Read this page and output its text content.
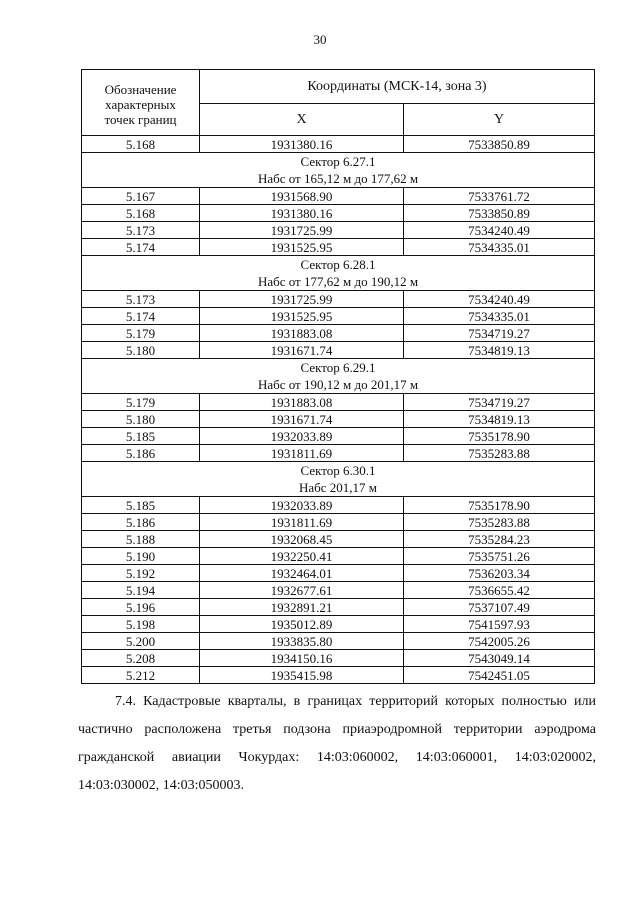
30
Обозначение
характерных
точек границ	Координаты (МСК-14, зона 3)	
	X	Y
5.168	1931380.16	7533850.89
Сектор 6.27.1
Набс от 165,12 м до 177,62 м		
5.167	1931568.90	7533761.72
5.168	1931380.16	7533850.89
5.173	1931725.99	7534240.49
5.174	1931525.95	7534335.01
Сектор 6.28.1
Набс от 177,62 м до 190,12 м		
5.173	1931725.99	7534240.49
5.174	1931525.95	7534335.01
5.179	1931883.08	7534719.27
5.180	1931671.74	7534819.13
Сектор 6.29.1
Набс от 190,12 м до 201,17 м		
5.179	1931883.08	7534719.27
5.180	1931671.74	7534819.13
5.185	1932033.89	7535178.90
5.186	1931811.69	7535283.88
Сектор 6.30.1
Набс 201,17 м		
5.185	1932033.89	7535178.90
5.186	1931811.69	7535283.88
5.188	1932068.45	7535284.23
5.190	1932250.41	7535751.26
5.192	1932464.01	7536203.34
5.194	1932677.61	7536655.42
5.196	1932891.21	7537107.49
5.198	1935012.89	7541597.93
5.200	1933835.80	7542005.26
5.208	1934150.16	7543049.14
5.212	1935415.98	7542451.05
7.4. Кадастровые кварталы, в границах территорий которых полностью или
частично расположена третья подзона приаэродромной территории аэродрома
гражданской авиации Чокурдах: 14:03:060002, 14:03:060001, 14:03:020002,
14:03:030002, 14:03:050003.
